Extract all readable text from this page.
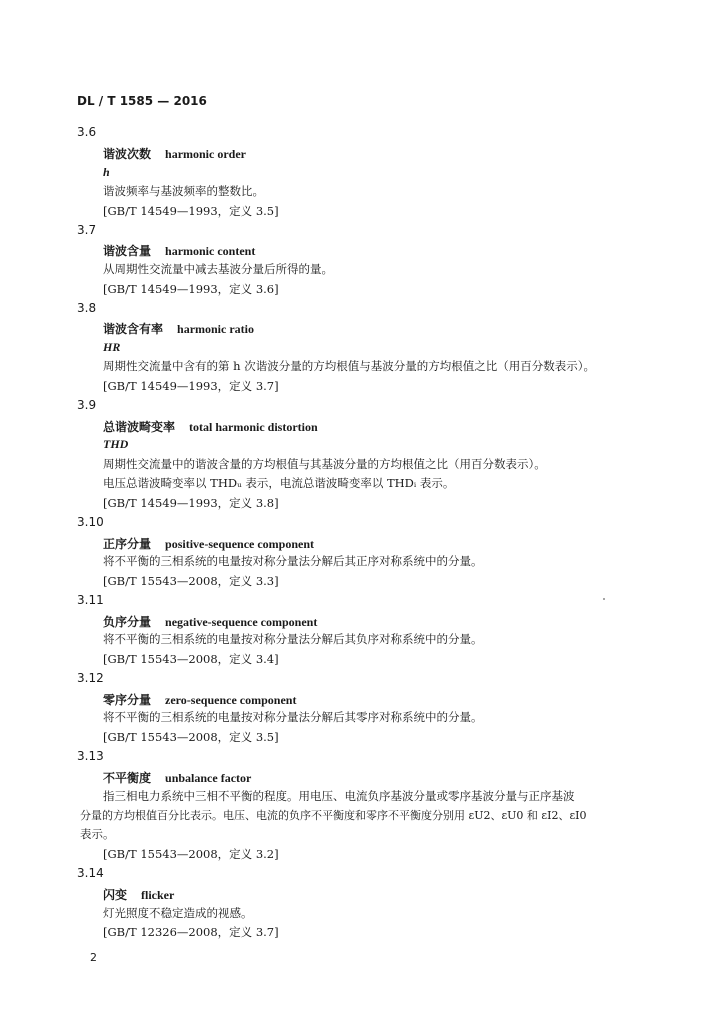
DL / T 1585 — 2016
3.6
谐波次数 harmonic order
h
谐波频率与基波频率的整数比。
[GB/T 14549—1993，定义 3.5]
3.7
谐波含量 harmonic content
从周期性交流量中减去基波分量后所得的量。
[GB/T 14549—1993，定义 3.6]
3.8
谐波含有率 harmonic ratio
HR
周期性交流量中含有的第 h 次谐波分量的方均根值与基波分量的方均根值之比（用百分数表示）。
[GB/T 14549—1993，定义 3.7]
3.9
总谐波畸变率 total harmonic distortion
THD
周期性交流量中的谐波含量的方均根值与其基波分量的方均根值之比（用百分数表示）。
电压总谐波畸变率以 THDᵤ 表示，电流总谐波畸变率以 THDᵢ 表示。
[GB/T 14549—1993，定义 3.8]
3.10
正序分量 positive-sequence component
将不平衡的三相系统的电量按对称分量法分解后其正序对称系统中的分量。
[GB/T 15543—2008，定义 3.3]
3.11
负序分量 negative-sequence component
将不平衡的三相系统的电量按对称分量法分解后其负序对称系统中的分量。
[GB/T 15543—2008，定义 3.4]
3.12
零序分量 zero-sequence component
将不平衡的三相系统的电量按对称分量法分解后其零序对称系统中的分量。
[GB/T 15543—2008，定义 3.5]
3.13
不平衡度 unbalance factor
指三相电力系统中三相不平衡的程度。用电压、电流负序基波分量或零序基波分量与正序基波
分量的方均根值百分比表示。电压、电流的负序不平衡度和零序不平衡度分别用 εU2、εU0 和 εI2、εI0
表示。
[GB/T 15543—2008，定义 3.2]
3.14
闪变 flicker
灯光照度不稳定造成的视感。
[GB/T 12326—2008，定义 3.7]
2
